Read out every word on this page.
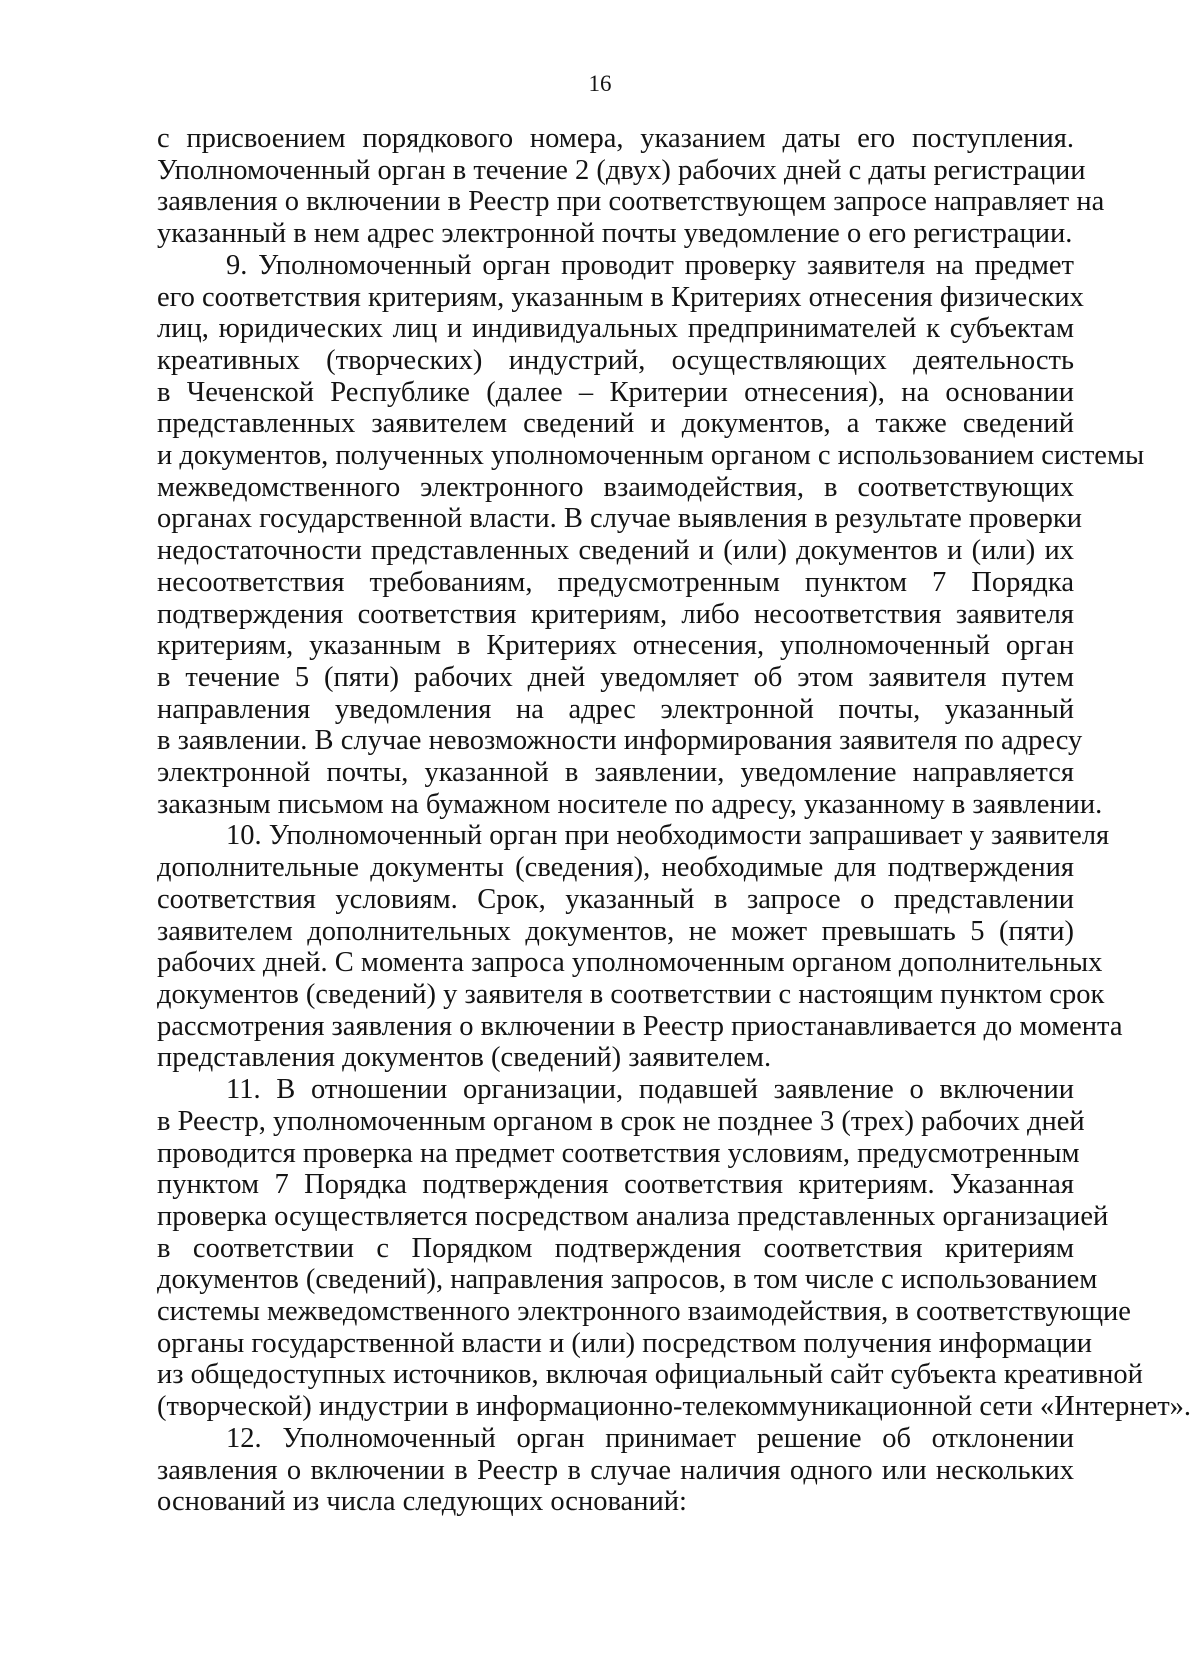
16
с присвоением порядкового номера, указанием даты его поступления.
Уполномоченный орган в течение 2 (двух) рабочих дней с даты регистрации
заявления о включении в Реестр при соответствующем запросе направляет на
указанный в нем адрес электронной почты уведомление о его регистрации.
9. Уполномоченный орган проводит проверку заявителя на предмет
его соответствия критериям, указанным в Критериях отнесения физических
лиц, юридических лиц и индивидуальных предпринимателей к субъектам
креативных (творческих) индустрий, осуществляющих деятельность
в Чеченской Республике (далее – Критерии отнесения), на основании
представленных заявителем сведений и документов, а также сведений
и документов, полученных уполномоченным органом с использованием системы
межведомственного электронного взаимодействия, в соответствующих
органах государственной власти. В случае выявления в результате проверки
недостаточности представленных сведений и (или) документов и (или) их
несоответствия требованиям, предусмотренным пунктом 7 Порядка
подтверждения соответствия критериям, либо несоответствия заявителя
критериям, указанным в Критериях отнесения, уполномоченный орган
в течение 5 (пяти) рабочих дней уведомляет об этом заявителя путем
направления уведомления на адрес электронной почты, указанный
в заявлении. В случае невозможности информирования заявителя по адресу
электронной почты, указанной в заявлении, уведомление направляется
заказным письмом на бумажном носителе по адресу, указанному в заявлении.
10. Уполномоченный орган при необходимости запрашивает у заявителя
дополнительные документы (сведения), необходимые для подтверждения
соответствия условиям. Срок, указанный в запросе о представлении
заявителем дополнительных документов, не может превышать 5 (пяти)
рабочих дней. С момента запроса уполномоченным органом дополнительных
документов (сведений) у заявителя в соответствии с настоящим пунктом срок
рассмотрения заявления о включении в Реестр приостанавливается до момента
представления документов (сведений) заявителем.
11. В отношении организации, подавшей заявление о включении
в Реестр, уполномоченным органом в срок не позднее 3 (трех) рабочих дней
проводится проверка на предмет соответствия условиям, предусмотренным
пунктом 7 Порядка подтверждения соответствия критериям. Указанная
проверка осуществляется посредством анализа представленных организацией
в соответствии с Порядком подтверждения соответствия критериям
документов (сведений), направления запросов, в том числе с использованием
системы межведомственного электронного взаимодействия, в соответствующие
органы государственной власти и (или) посредством получения информации
из общедоступных источников, включая официальный сайт субъекта креативной
(творческой) индустрии в информационно-телекоммуникационной сети «Интернет».
12. Уполномоченный орган принимает решение об отклонении
заявления о включении в Реестр в случае наличия одного или нескольких
оснований из числа следующих оснований:
